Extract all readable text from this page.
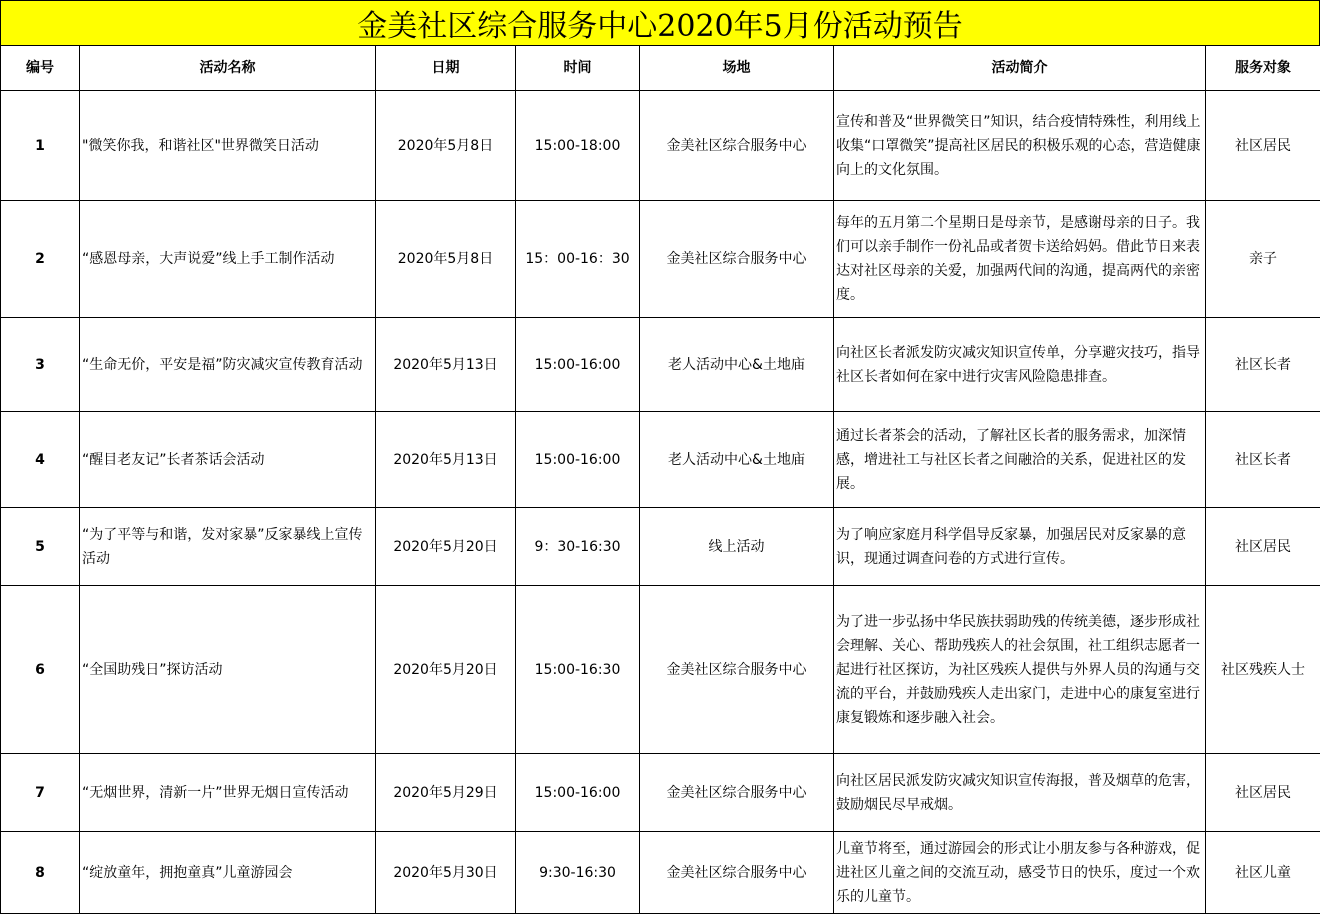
金美社区综合服务中心2020年5月份活动预告
编号	活动名称	日期	时间	场地	活动简介	服务对象
1	"微笑你我，和谐社区"世界微笑日活动	2020年5月8日	15:00-18:00	金美社区综合服务中心	宣传和普及“世界微笑日”知识，结合疫情特殊性，利用线上收集“口罩微笑”提高社区居民的积极乐观的心态，营造健康向上的文化氛围。	社区居民
2	“感恩母亲，大声说爱”线上手工制作活动	2020年5月8日	15：00-16：30	金美社区综合服务中心	每年的五月第二个星期日是母亲节，是感谢母亲的日子。我们可以亲手制作一份礼品或者贺卡送给妈妈。借此节日来表达对社区母亲的关爱，加强两代间的沟通，提高两代的亲密度。	亲子
3	“生命无价，平安是福”防灾减灾宣传教育活动	2020年5月13日	15:00-16:00	老人活动中心&土地庙	向社区长者派发防灾减灾知识宣传单，分享避灾技巧，指导社区长者如何在家中进行灾害风险隐患排查。	社区长者
4	“醒目老友记”长者茶话会活动	2020年5月13日	15:00-16:00	老人活动中心&土地庙	通过长者茶会的活动，了解社区长者的服务需求，加深情感，增进社工与社区长者之间融洽的关系，促进社区的发展。	社区长者
5	“为了平等与和谐，发对家暴”反家暴线上宣传活动	2020年5月20日	9：30-16:30	线上活动	为了响应家庭月科学倡导反家暴，加强居民对反家暴的意识，现通过调查问卷的方式进行宣传。	社区居民
6	“全国助残日”探访活动	2020年5月20日	15:00-16:30	金美社区综合服务中心	为了进一步弘扬中华民族扶弱助残的传统美德，逐步形成社会理解、关心、帮助残疾人的社会氛围，社工组织志愿者一起进行社区探访，为社区残疾人提供与外界人员的沟通与交流的平台，并鼓励残疾人走出家门，走进中心的康复室进行康复锻炼和逐步融入社会。	社区残疾人士
7	“无烟世界，清新一片”世界无烟日宣传活动	2020年5月29日	15:00-16:00	金美社区综合服务中心	向社区居民派发防灾减灾知识宣传海报，普及烟草的危害，鼓励烟民尽早戒烟。	社区居民
8	“绽放童年，拥抱童真”儿童游园会	2020年5月30日	9:30-16:30	金美社区综合服务中心	儿童节将至，通过游园会的形式让小朋友参与各种游戏，促进社区儿童之间的交流互动，感受节日的快乐，度过一个欢乐的儿童节。	社区儿童
